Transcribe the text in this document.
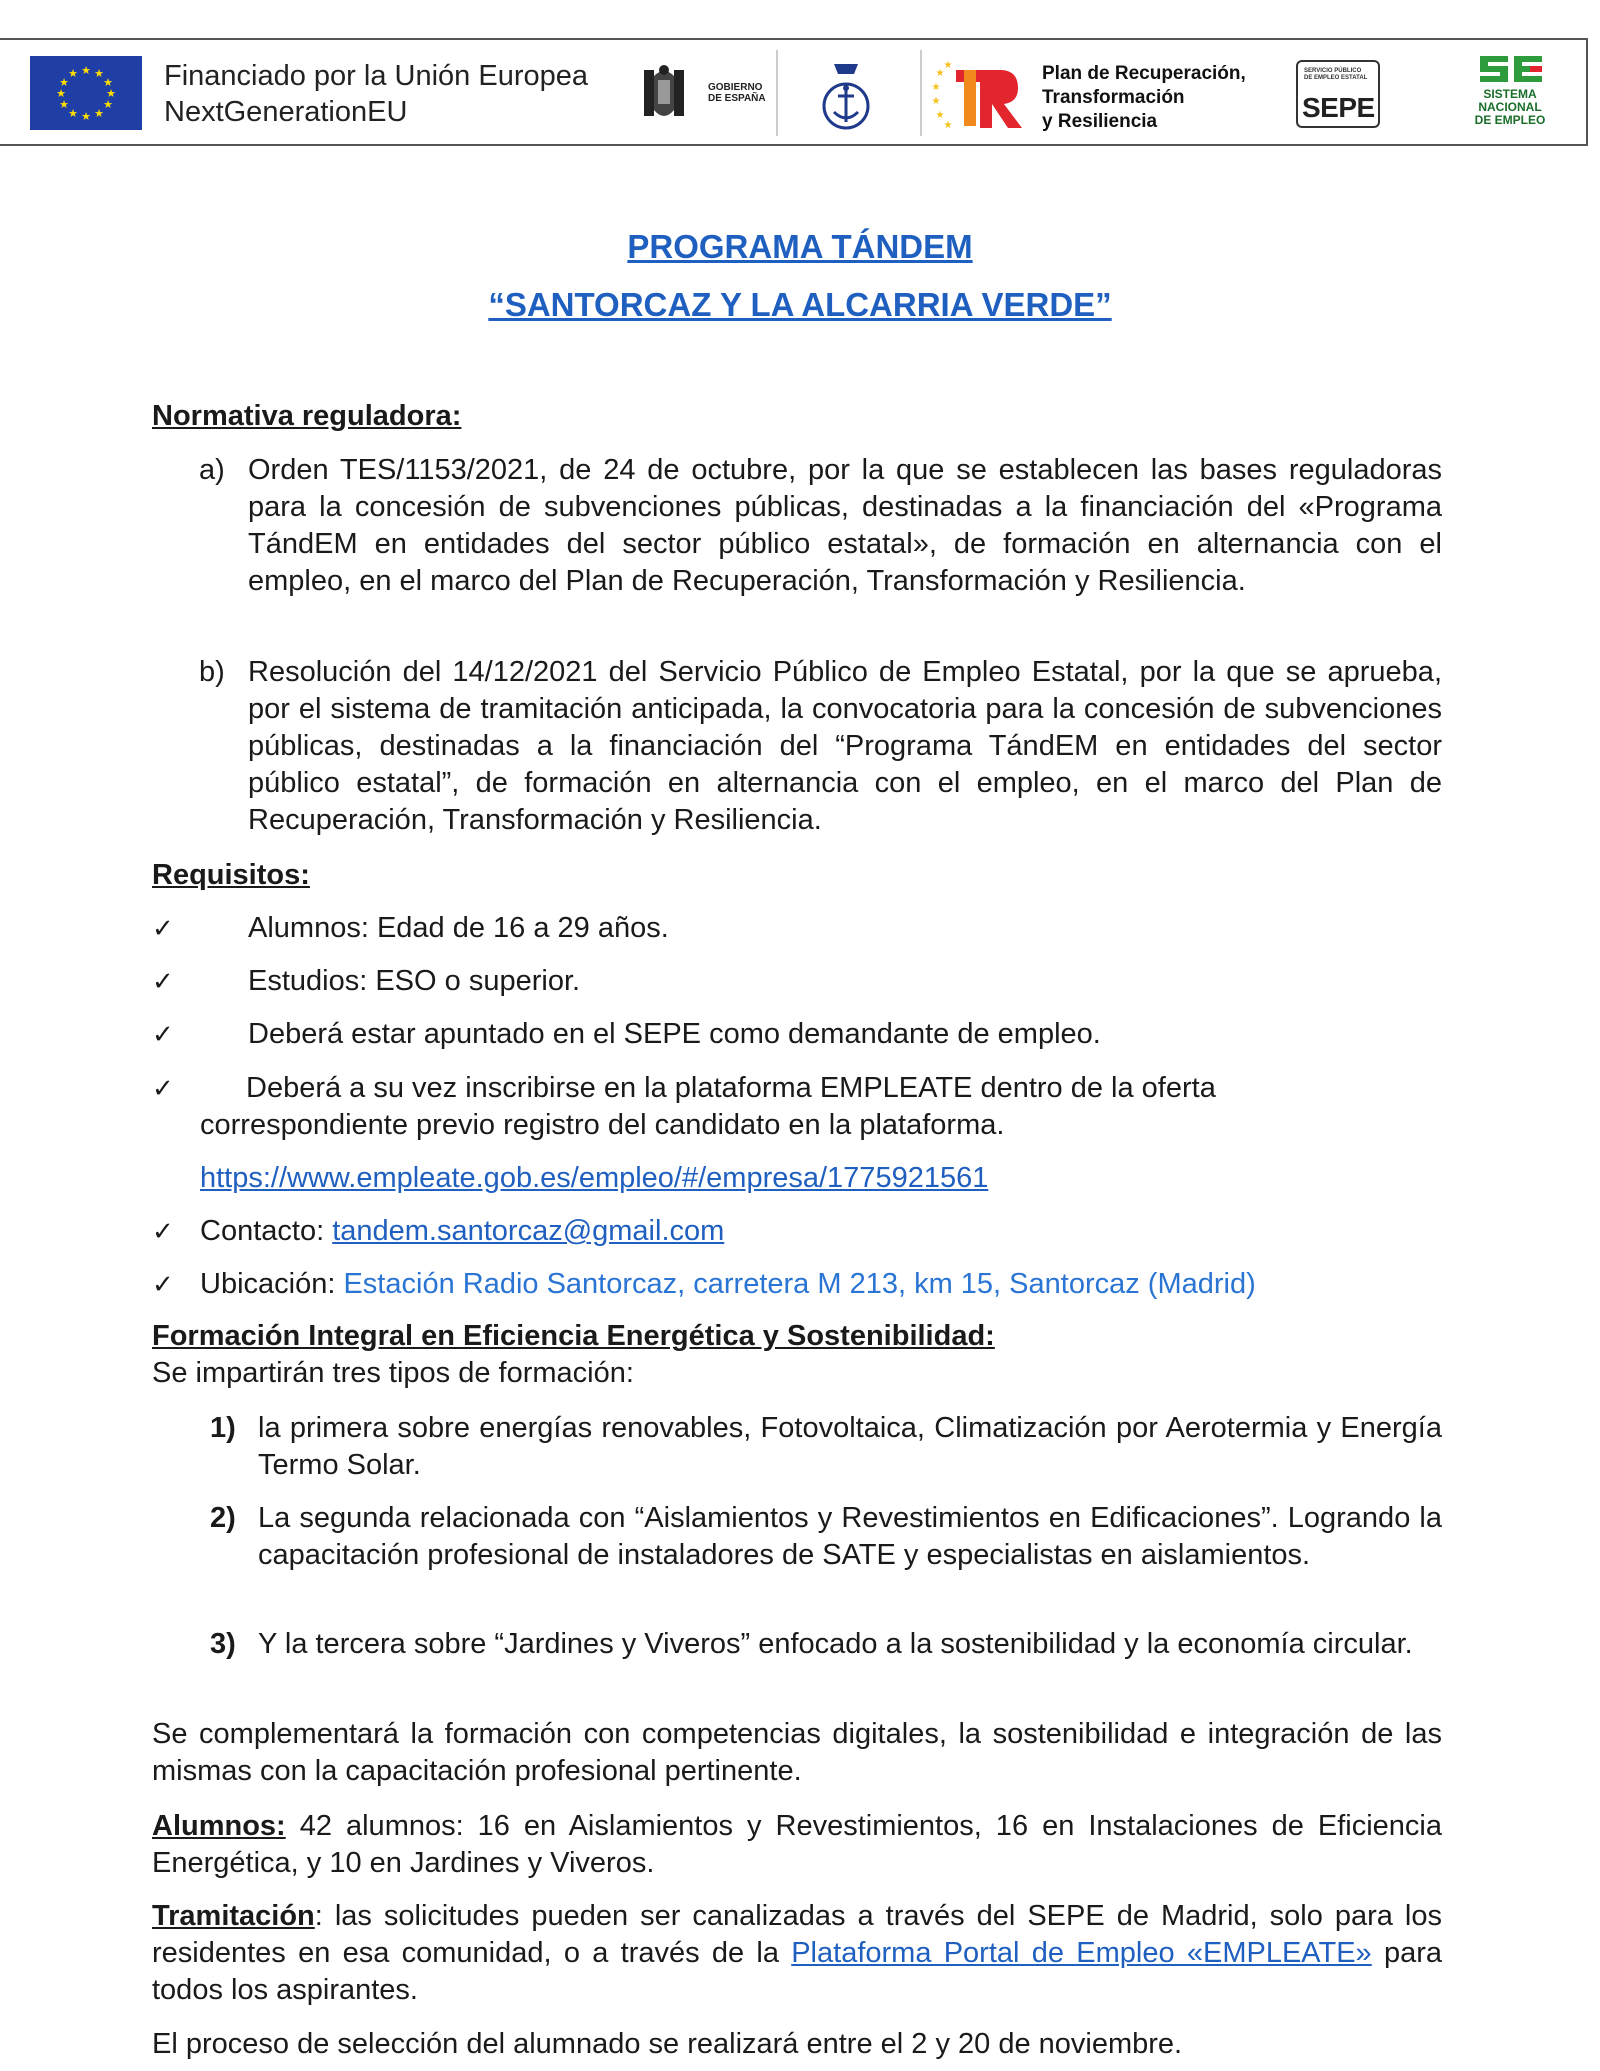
★ ★
★
★
★
★
★
★
★
★
★
★	Financiado por la Unión Europea
NextGenerationEU
GOBIERNO
DE ESPAÑA
★
★
★
★
★
★	Plan de Recuperación,
Transformación
y Resiliencia
SERVICIO PÚBLICO
DE EMPLEO ESTATAL
SEPE	SISTEMA
NACIONAL
DE EMPLEO
PROGRAMA TÁNDEM
“SANTORCAZ Y LA ALCARRIA VERDE”
Normativa reguladora:
a) Orden TES/1153/2021, de 24 de octubre, por la que se establecen las bases reguladoras para la concesión de subvenciones públicas, destinadas a la financiación del «Programa TándEM en entidades del sector público estatal», de formación en alternancia con el empleo, en el marco del Plan de Recuperación, Transformación y Resiliencia.
b) Resolución del 14/12/2021 del Servicio Público de Empleo Estatal, por la que se aprueba, por el sistema de tramitación anticipada, la convocatoria para la concesión de subvenciones públicas, destinadas a la financiación del “Programa TándEM en entidades del sector público estatal”, de formación en alternancia con el empleo, en el marco del Plan de Recuperación, Transformación y Resiliencia.
Requisitos:
✓	Alumnos: Edad de 16 a 29 años.
✓	Estudios: ESO o superior.
✓	Deberá estar apuntado en el SEPE como demandante de empleo.
✓ Deberá a su vez inscribirse en la plataforma EMPLEATE dentro de la oferta
correspondiente previo registro del candidato en la plataforma.
https://www.empleate.gob.es/empleo/#/empresa/1775921561
✓ Contacto: tandem.santorcaz@gmail.com
✓ Ubicación: Estación Radio Santorcaz, carretera M 213, km 15, Santorcaz (Madrid)
Formación Integral en Eficiencia Energética y Sostenibilidad:
Se impartirán tres tipos de formación:
1) la primera sobre energías renovables, Fotovoltaica, Climatización por Aerotermia y Energía Termo Solar.
2) La segunda relacionada con “Aislamientos y Revestimientos en Edificaciones”. Logrando la capacitación profesional de instaladores de SATE y especialistas en aislamientos.
3) Y la tercera sobre “Jardines y Viveros” enfocado a la sostenibilidad y la economía circular.
Se complementará la formación con competencias digitales, la sostenibilidad e integración de las mismas con la capacitación profesional pertinente.
Alumnos: 42 alumnos: 16 en Aislamientos y Revestimientos, 16 en Instalaciones de Eficiencia Energética, y 10 en Jardines y Viveros.
Tramitación: las solicitudes pueden ser canalizadas a través del SEPE de Madrid, solo para los residentes en esa comunidad, o a través de la Plataforma Portal de Empleo «EMPLEATE» para todos los aspirantes.
El proceso de selección del alumnado se realizará entre el 2 y 20 de noviembre.
